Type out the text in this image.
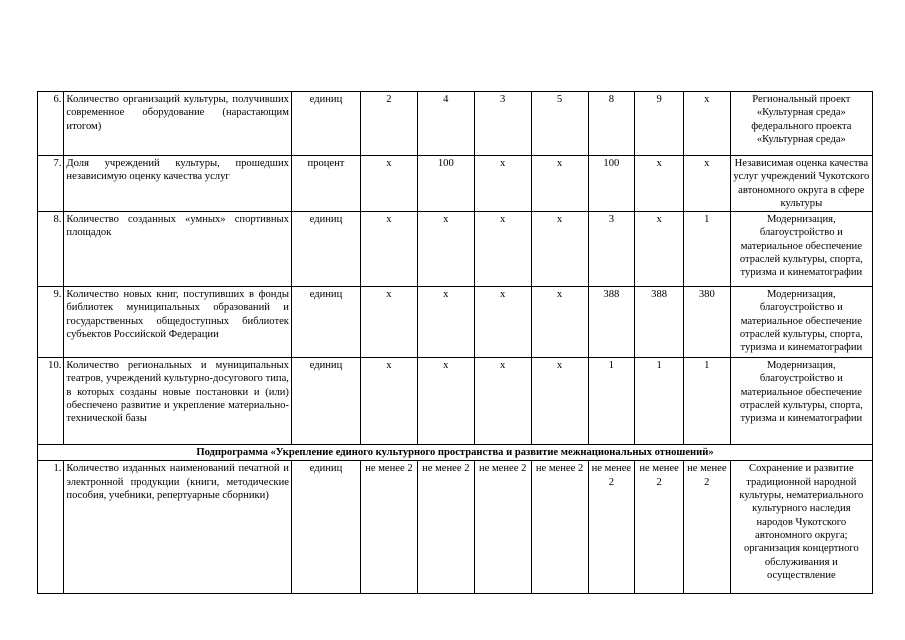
6.	Количество организаций культуры, получивших современное оборудование (нарастающим итогом)	единиц	2	4	3	5	8	9	х	Региональный проект «Культурная среда» федерального проекта «Культурная среда»
7.	Доля учреждений культуры, прошедших независимую оценку качества услуг	процент	х	100	х	х	100	х	х	Независимая оценка качества услуг учреждений Чукотского автономного округа в сфере культуры
8.	Количество созданных «умных» спортивных площадок	единиц	х	х	х	х	3	х	1	Модернизация, благоустройство и материальное обеспечение отраслей культуры, спорта, туризма и кинематографии
9.	Количество новых книг, поступивших в фонды библиотек муниципальных образований и государственных общедоступных библиотек субъектов Российской Федерации	единиц	х	х	х	х	388	388	380	Модернизация, благоустройство и материальное обеспечение отраслей культуры, спорта, туризма и кинематографии
10.	Количество региональных и муниципальных театров, учреждений культурно-досугового типа, в которых созданы новые постановки и (или) обеспечено развитие и укрепление материально-технической базы	единиц	х	х	х	х	1	1	1	Модернизация, благоустройство и материальное обеспечение отраслей культуры, спорта, туризма и кинематографии
Подпрограмма «Укрепление единого культурного пространства и развитие межнациональных отношений»										
1.	Количество изданных наименований печатной и электронной продукции (книги, методические пособия, учебники, репертуарные сборники)	единиц	не менее 2	не менее 2	не менее 2	не менее 2	не менее 2	не менее 2	не менее 2	Сохранение и развитие традиционной народной культуры, нематериального культурного наследия народов Чукотского автономного округа; организация концертного обслуживания и осуществление
